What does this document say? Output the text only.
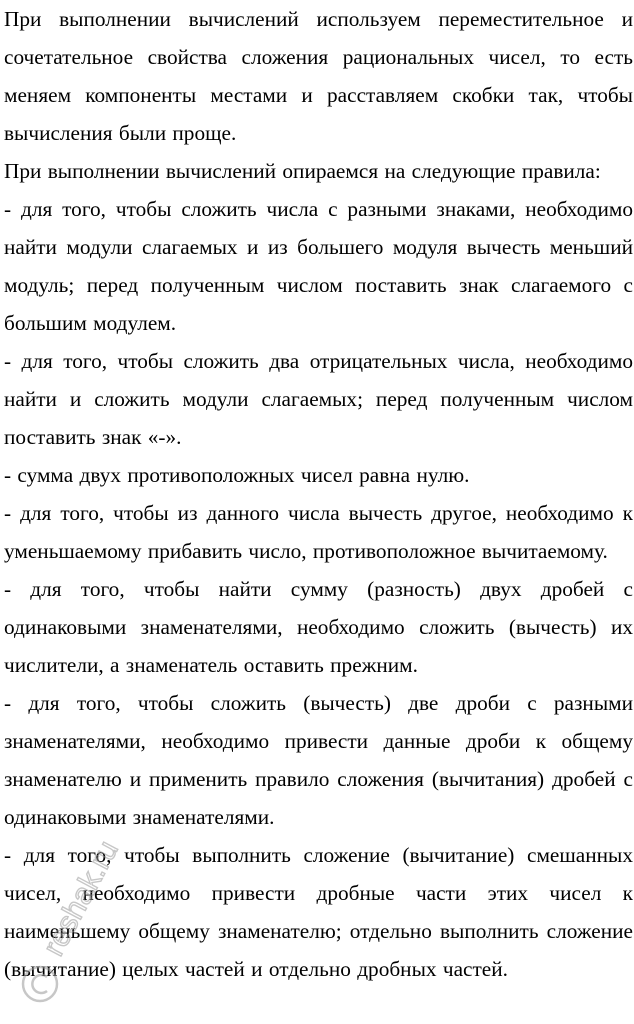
При выполнении вычислений используем переместительное и сочетательное свойства сложения рациональных чисел, то есть меняем компоненты местами и расставляем скобки так, чтобы вычисления были проще.

При выполнении вычислений опираемся на следующие правила:

- для того, чтобы сложить числа с разными знаками, необходимо найти модули слагаемых и из большего модуля вычесть меньший модуль; перед полученным числом поставить знак слагаемого с большим модулем.

- для того, чтобы сложить два отрицательных числа, необходимо найти и сложить модули слагаемых; перед полученным числом поставить знак «-».

- сумма двух противоположных чисел равна нулю.

- для того, чтобы из данного числа вычесть другое, необходимо к уменьшаемому прибавить число, противоположное вычитаемому.

- для того, чтобы найти сумму (разность) двух дробей с одинаковыми знаменателями, необходимо сложить (вычесть) их числители, а знаменатель оставить прежним.

- для того, чтобы сложить (вычесть) две дроби с разными знаменателями, необходимо привести данные дроби к общему знаменателю и применить правило сложения (вычитания) дробей с одинаковыми знаменателями.

- для того, чтобы выполнить сложение (вычитание) смешанных чисел, необходимо привести дробные части этих чисел к наименьшему общему знаменателю; отдельно выполнить сложение (вычитание) целых частей и отдельно дробных частей.

reshak.ru
